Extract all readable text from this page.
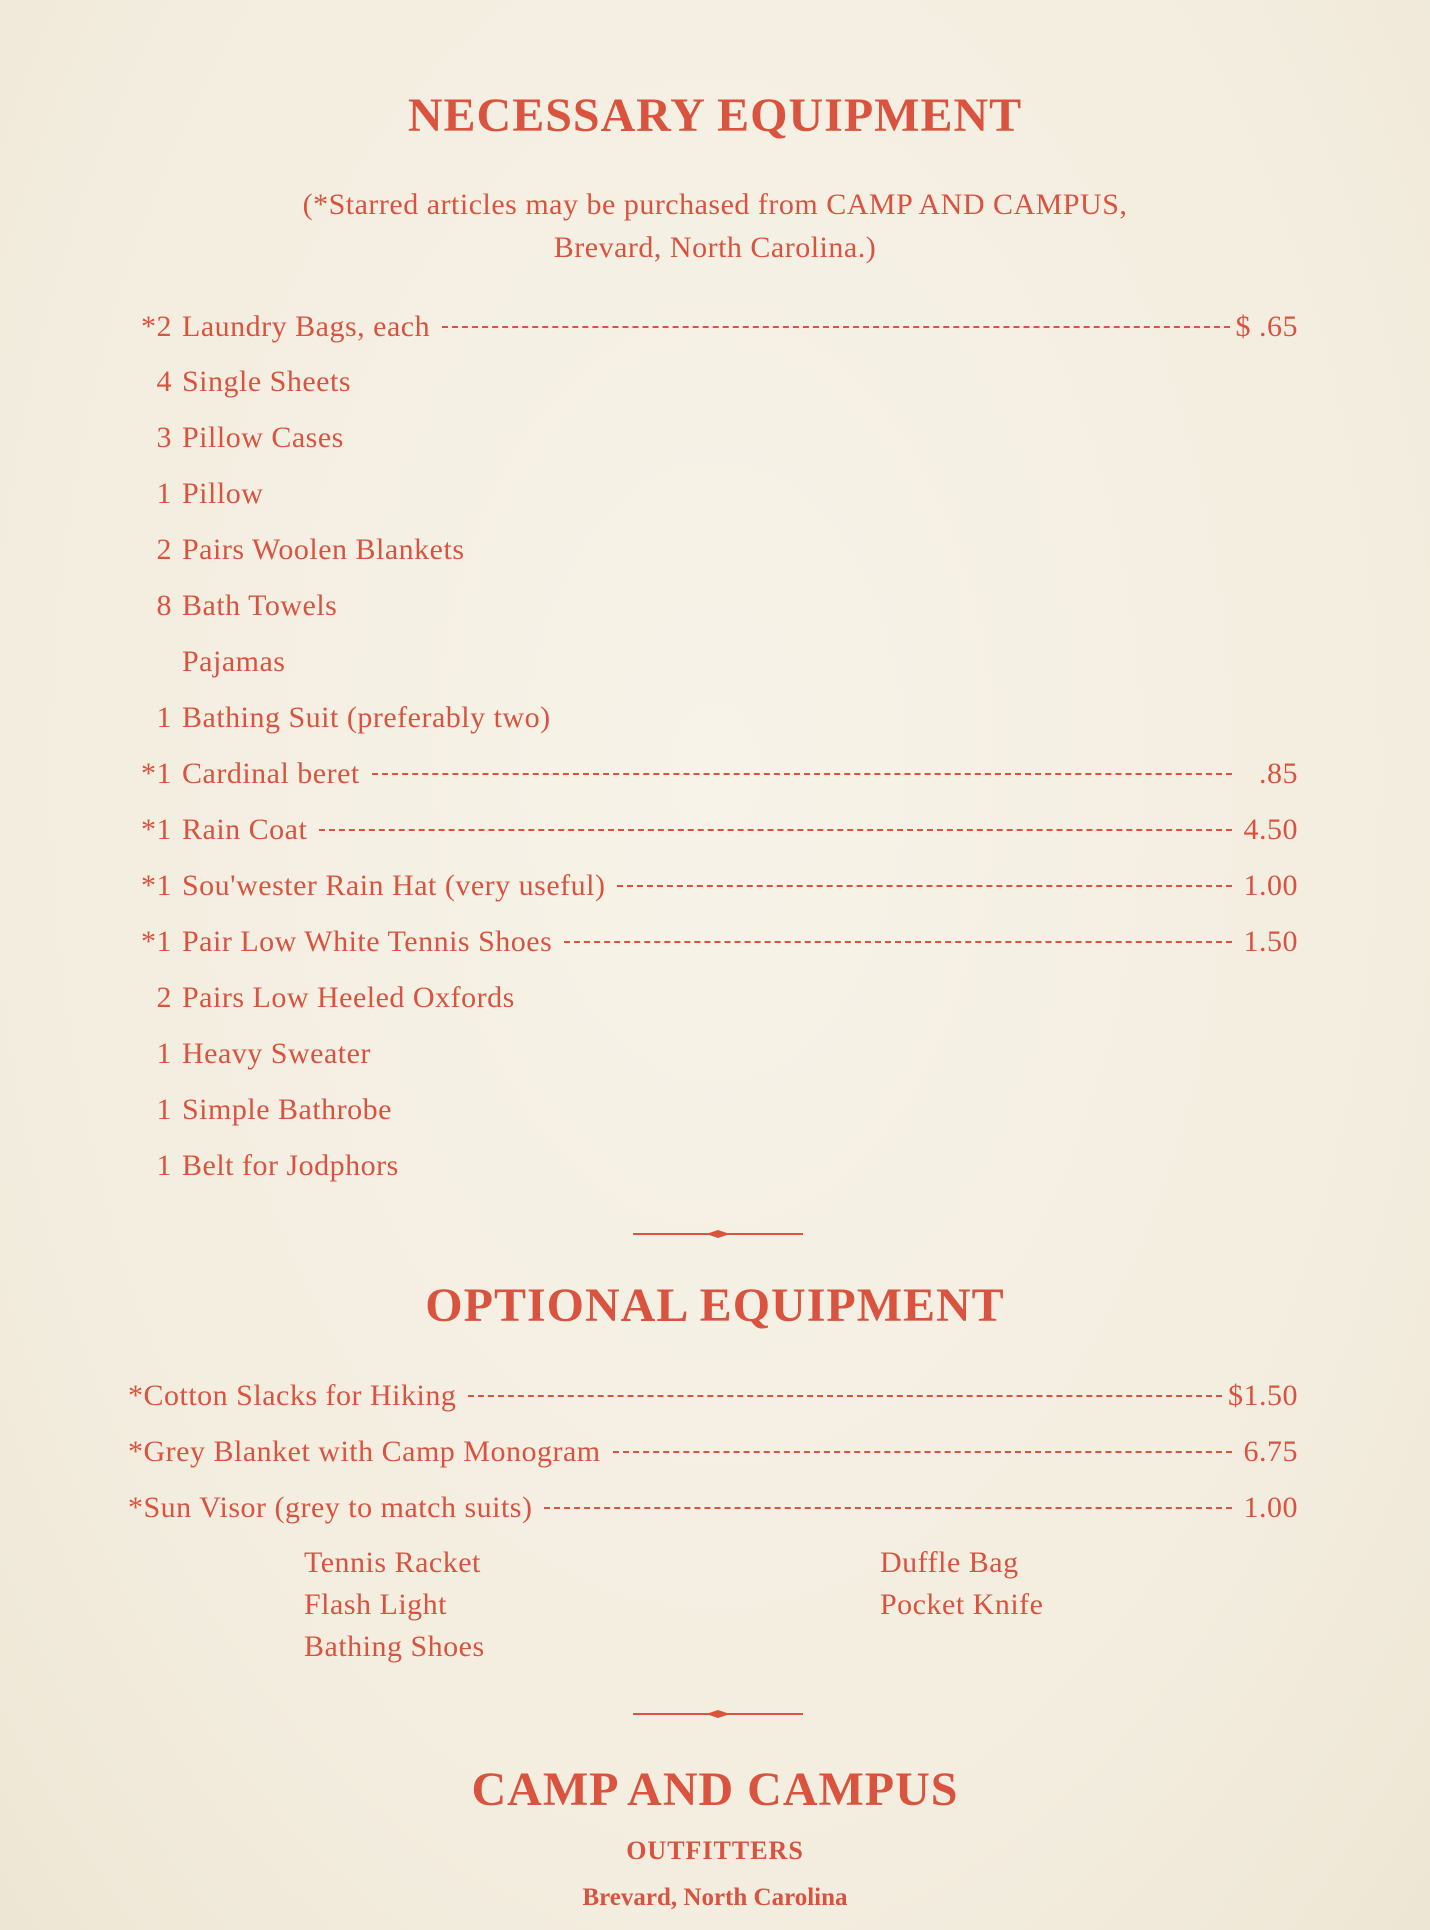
NECESSARY EQUIPMENT
(*Starred articles may be purchased from CAMP AND CAMPUS,
Brevard, North Carolina.)
*2 Laundry Bags, each	$ .65
4 Single Sheets
3 Pillow Cases
1 Pillow
2 Pairs Woolen Blankets
8 Bath Towels
Pajamas
1 Bathing Suit (preferably two)
*1 Cardinal beret	.85
*1 Rain Coat	4.50
*1 Sou'wester Rain Hat (very useful)	1.00
*1 Pair Low White Tennis Shoes	1.50
2 Pairs Low Heeled Oxfords
1 Heavy Sweater
1 Simple Bathrobe
1 Belt for Jodphors
OPTIONAL EQUIPMENT
*Cotton Slacks for Hiking	$1.50
*Grey Blanket with Camp Monogram	6.75
*Sun Visor (grey to match suits)	1.00
Tennis Racket
Flash Light
Bathing Shoes
Duffle Bag
Pocket Knife
CAMP AND CAMPUS
OUTFITTERS
Brevard, North Carolina
